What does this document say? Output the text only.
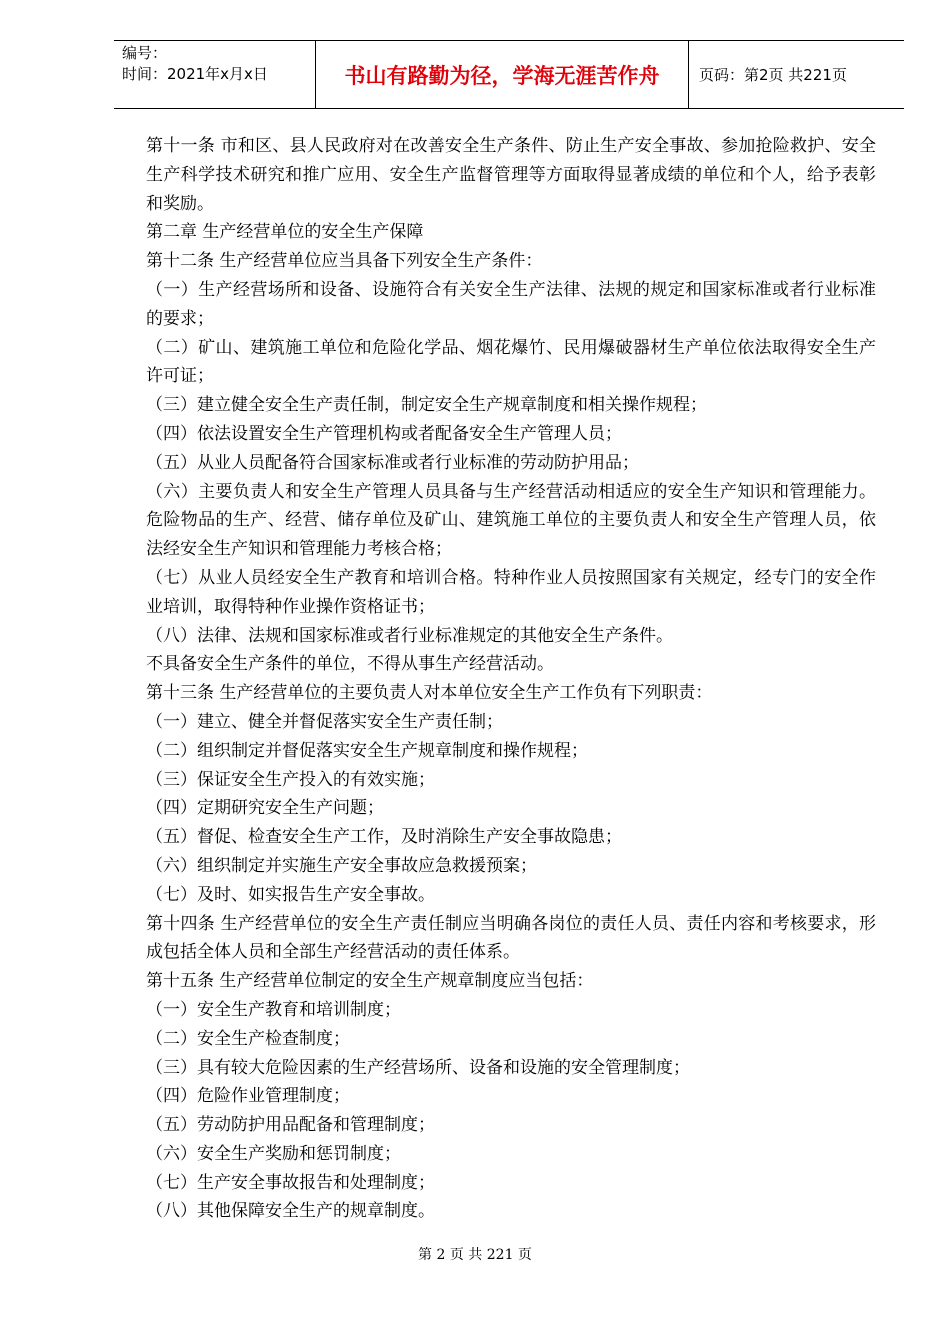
编号：
时间：2021年x月x日	书山有路勤为径，学海无涯苦作舟	页码：第2页 共221页

第十一条 市和区、县人民政府对在改善安全生产条件、防止生产安全事故、参加抢险救护、安全生产科学技术研究和推广应用、安全生产监督管理等方面取得显著成绩的单位和个人，给予表彰和奖励。

第二章 生产经营单位的安全生产保障

第十二条 生产经营单位应当具备下列安全生产条件：

（一）生产经营场所和设备、设施符合有关安全生产法律、法规的规定和国家标准或者行业标准的要求；

（二）矿山、建筑施工单位和危险化学品、烟花爆竹、民用爆破器材生产单位依法取得安全生产许可证；

（三）建立健全安全生产责任制，制定安全生产规章制度和相关操作规程；

（四）依法设置安全生产管理机构或者配备安全生产管理人员；

（五）从业人员配备符合国家标准或者行业标准的劳动防护用品；

（六）主要负责人和安全生产管理人员具备与生产经营活动相适应的安全生产知识和管理能力。危险物品的生产、经营、储存单位及矿山、建筑施工单位的主要负责人和安全生产管理人员，依法经安全生产知识和管理能力考核合格；

（七）从业人员经安全生产教育和培训合格。特种作业人员按照国家有关规定，经专门的安全作业培训，取得特种作业操作资格证书；

（八）法律、法规和国家标准或者行业标准规定的其他安全生产条件。

不具备安全生产条件的单位，不得从事生产经营活动。

第十三条 生产经营单位的主要负责人对本单位安全生产工作负有下列职责：

（一）建立、健全并督促落实安全生产责任制；

（二）组织制定并督促落实安全生产规章制度和操作规程；

（三）保证安全生产投入的有效实施；

（四）定期研究安全生产问题；

（五）督促、检查安全生产工作，及时消除生产安全事故隐患；

（六）组织制定并实施生产安全事故应急救援预案；

（七）及时、如实报告生产安全事故。

第十四条 生产经营单位的安全生产责任制应当明确各岗位的责任人员、责任内容和考核要求，形成包括全体人员和全部生产经营活动的责任体系。

第十五条 生产经营单位制定的安全生产规章制度应当包括：

（一）安全生产教育和培训制度；

（二）安全生产检查制度；

（三）具有较大危险因素的生产经营场所、设备和设施的安全管理制度；

（四）危险作业管理制度；

（五）劳动防护用品配备和管理制度；

（六）安全生产奖励和惩罚制度；

（七）生产安全事故报告和处理制度；

（八）其他保障安全生产的规章制度。

第 2 页 共 221 页
